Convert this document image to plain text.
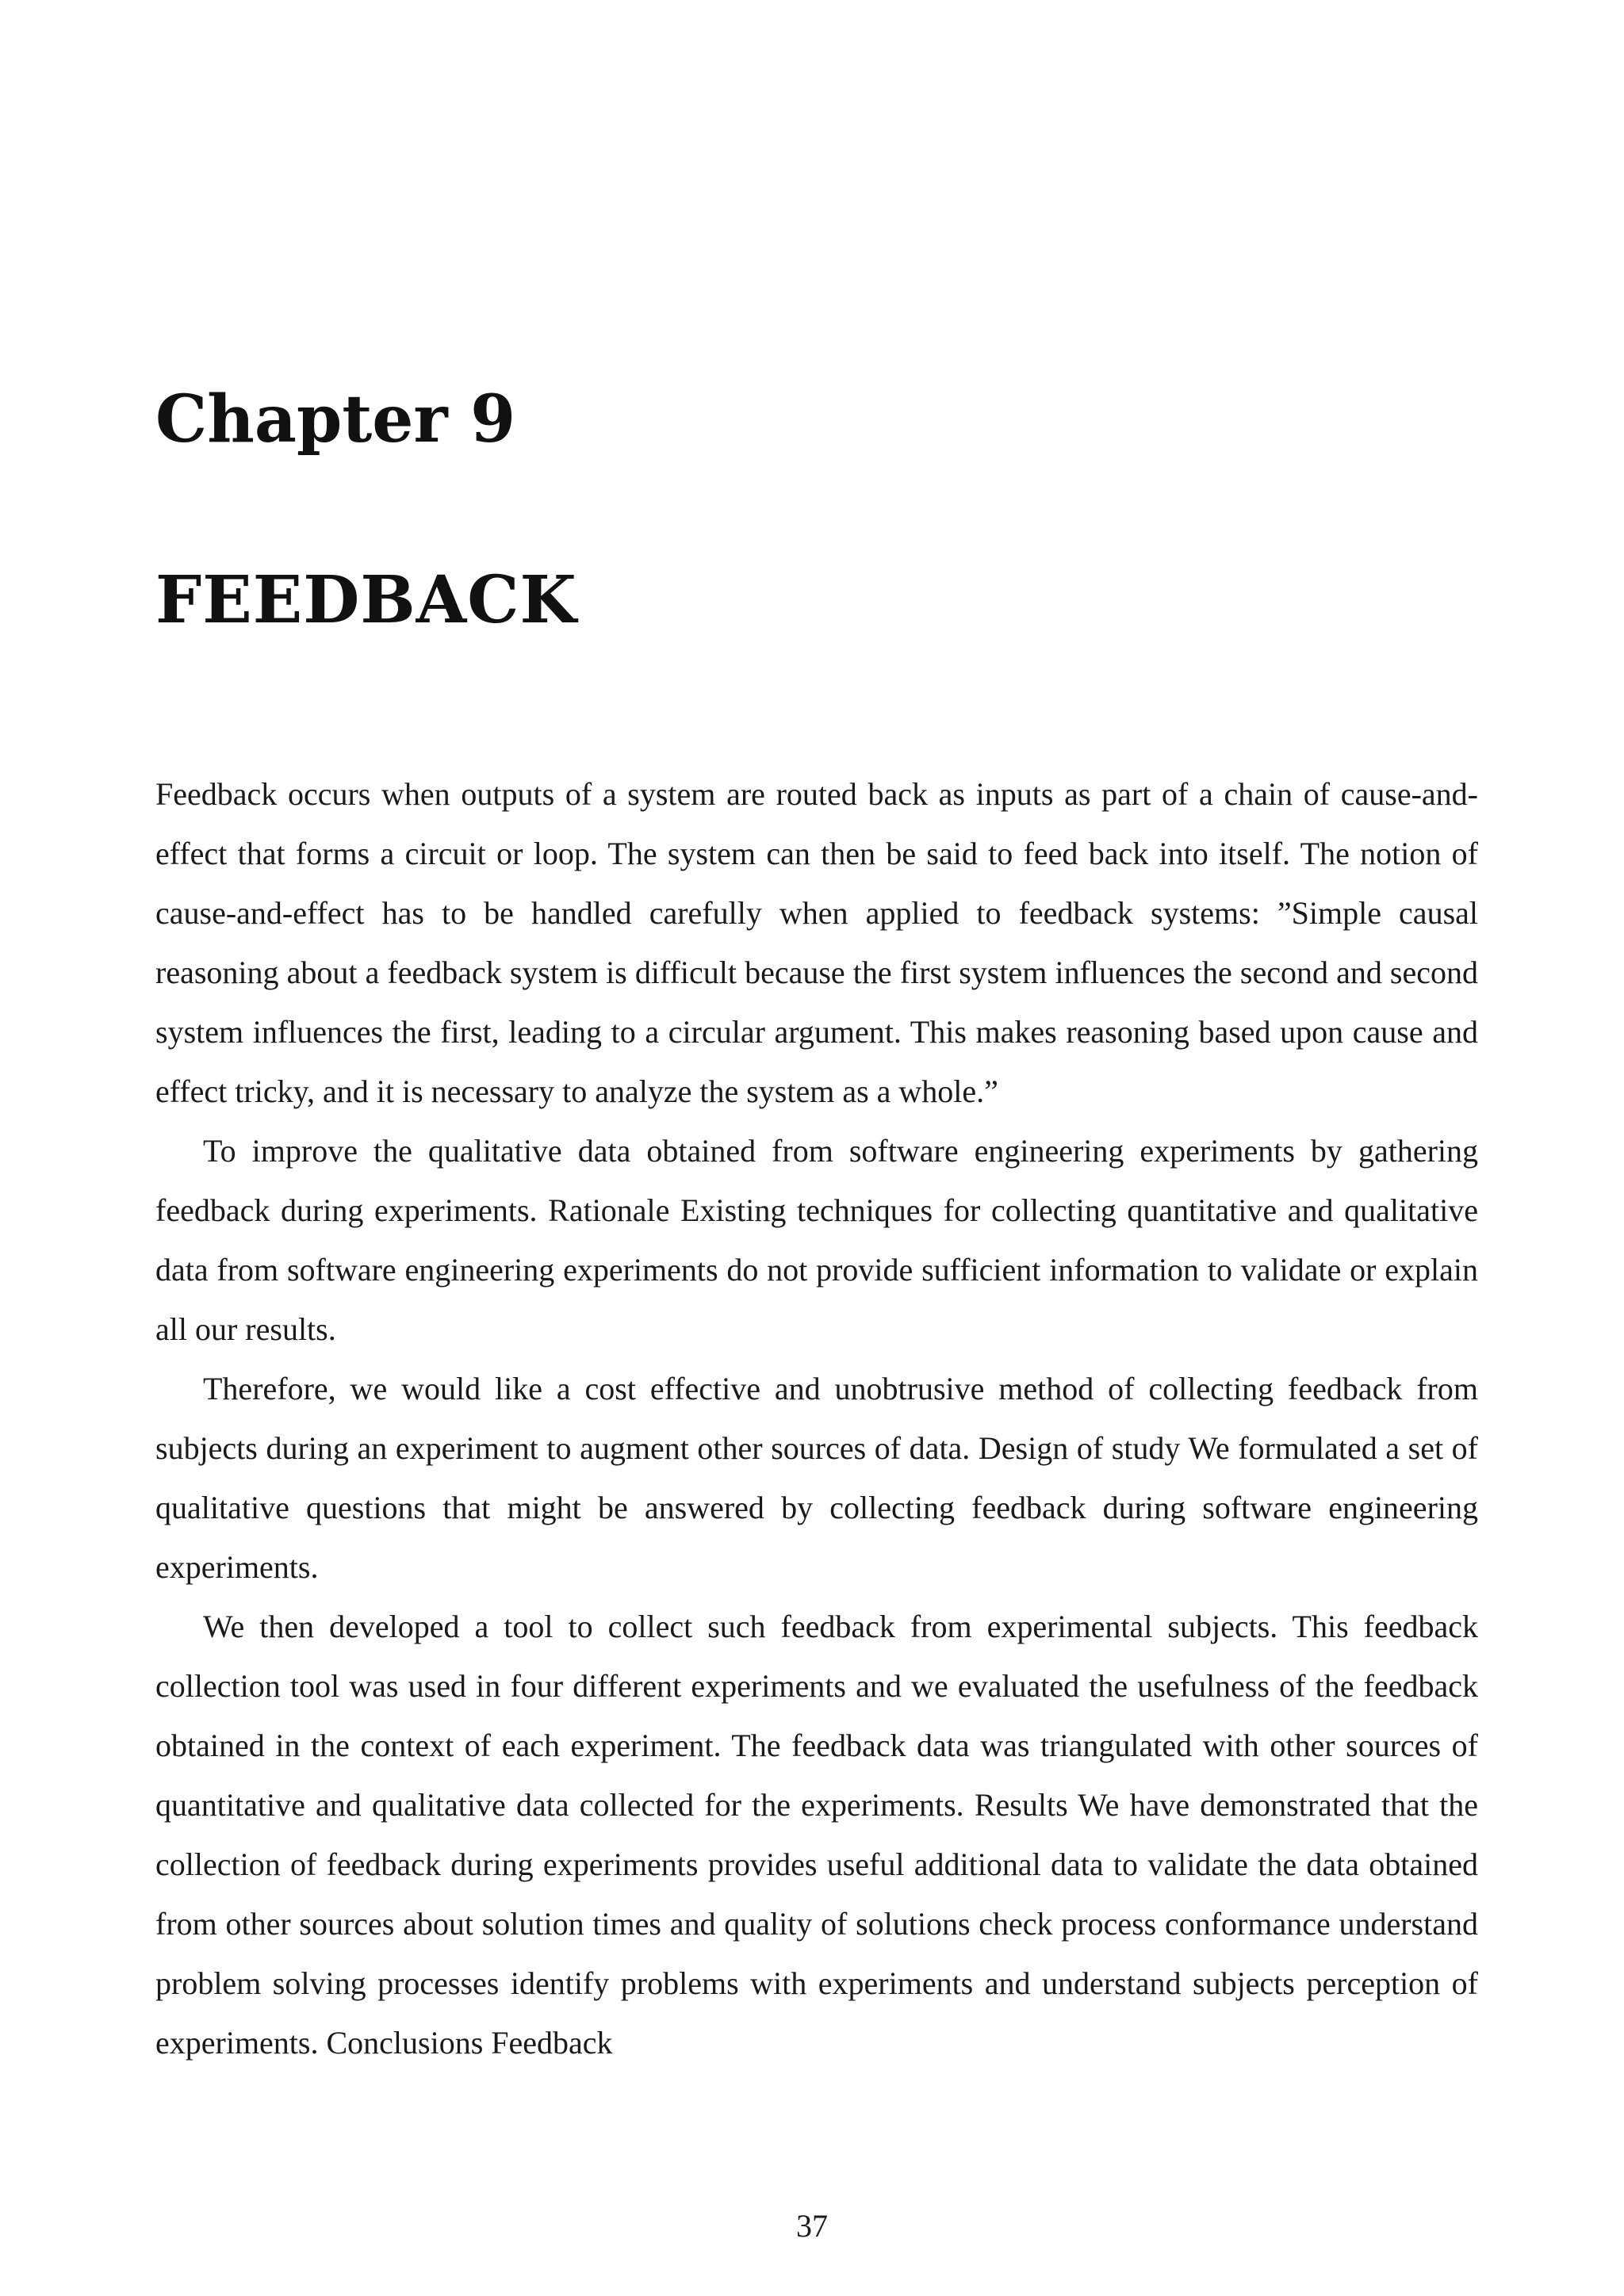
Chapter 9
FEEDBACK

Feedback occurs when outputs of a system are routed back as inputs as part of a chain of cause-and-effect that forms a circuit or loop. The system can then be said to feed back into itself. The notion of cause-and-effect has to be handled carefully when applied to feedback systems: ”Simple causal reasoning about a feedback system is difficult because the first system influences the second and second system influences the first, leading to a circular argument. This makes reasoning based upon cause and effect tricky, and it is necessary to analyze the system as a whole.”

To improve the qualitative data obtained from software engineering experiments by gathering feedback during experiments. Rationale Existing techniques for collecting quantitative and qualitative data from software engineering experiments do not provide sufficient information to validate or explain all our results.

Therefore, we would like a cost effective and unobtrusive method of collecting feedback from subjects during an experiment to augment other sources of data. Design of study We formulated a set of qualitative questions that might be answered by collecting feedback during software engineering experiments.

We then developed a tool to collect such feedback from experimental subjects. This feedback collection tool was used in four different experiments and we evaluated the usefulness of the feedback obtained in the context of each experiment. The feedback data was triangulated with other sources of quantitative and qualitative data collected for the experiments. Results We have demonstrated that the collection of feedback during experiments provides useful additional data to validate the data obtained from other sources about solution times and quality of solutions check process conformance understand problem solving processes identify problems with experiments and understand subjects perception of experiments. Conclusions Feedback

37
